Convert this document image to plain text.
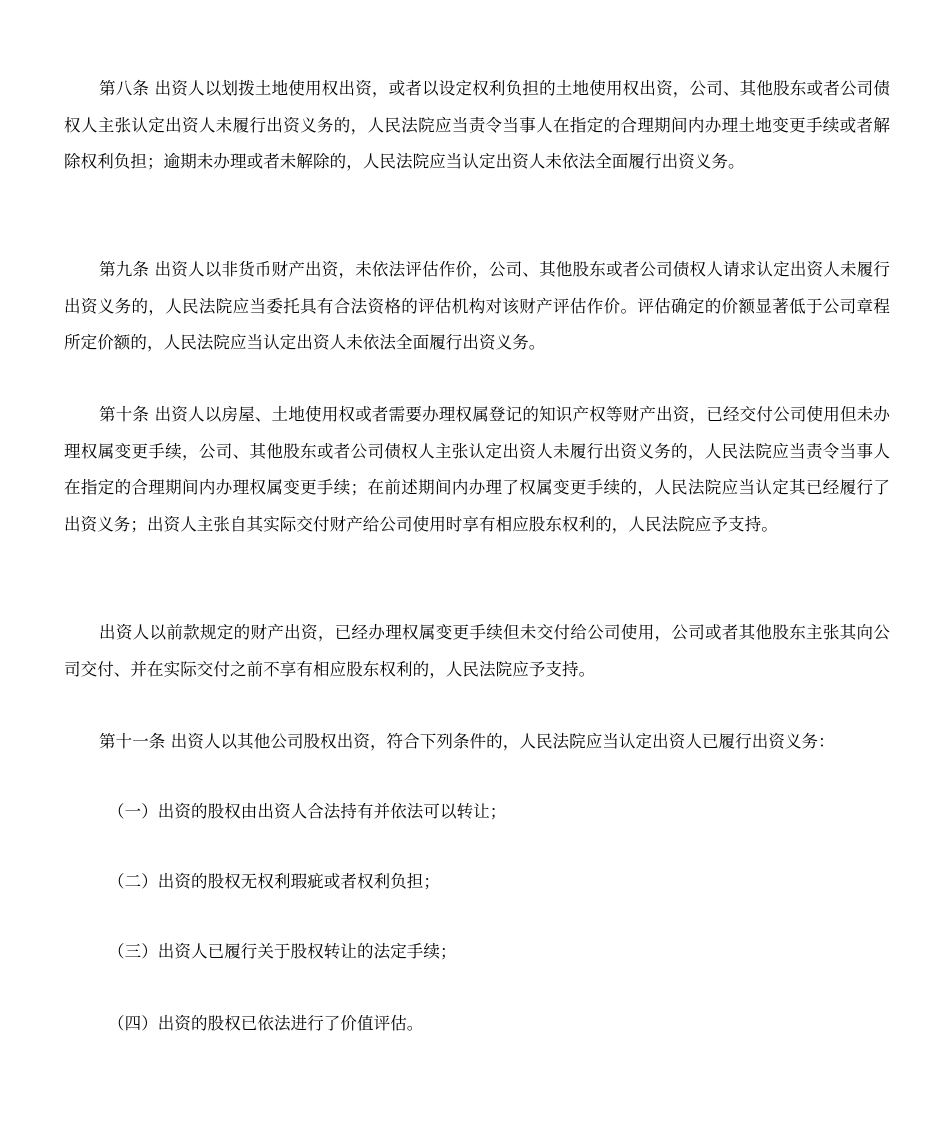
第八条 出资人以划拨土地使用权出资，或者以设定权利负担的土地使用权出资，公司、其他股东或者公司债权人主张认定出资人未履行出资义务的，人民法院应当责令当事人在指定的合理期间内办理土地变更手续或者解除权利负担；逾期未办理或者未解除的，人民法院应当认定出资人未依法全面履行出资义务。

第九条 出资人以非货币财产出资，未依法评估作价，公司、其他股东或者公司债权人请求认定出资人未履行出资义务的，人民法院应当委托具有合法资格的评估机构对该财产评估作价。评估确定的价额显著低于公司章程所定价额的，人民法院应当认定出资人未依法全面履行出资义务。

第十条 出资人以房屋、土地使用权或者需要办理权属登记的知识产权等财产出资，已经交付公司使用但未办理权属变更手续，公司、其他股东或者公司债权人主张认定出资人未履行出资义务的，人民法院应当责令当事人在指定的合理期间内办理权属变更手续；在前述期间内办理了权属变更手续的，人民法院应当认定其已经履行了出资义务；出资人主张自其实际交付财产给公司使用时享有相应股东权利的，人民法院应予支持。

出资人以前款规定的财产出资，已经办理权属变更手续但未交付给公司使用，公司或者其他股东主张其向公司交付、并在实际交付之前不享有相应股东权利的，人民法院应予支持。

第十一条 出资人以其他公司股权出资，符合下列条件的，人民法院应当认定出资人已履行出资义务：

（一）出资的股权由出资人合法持有并依法可以转让；

（二）出资的股权无权利瑕疵或者权利负担；

（三）出资人已履行关于股权转让的法定手续；

（四）出资的股权已依法进行了价值评估。
